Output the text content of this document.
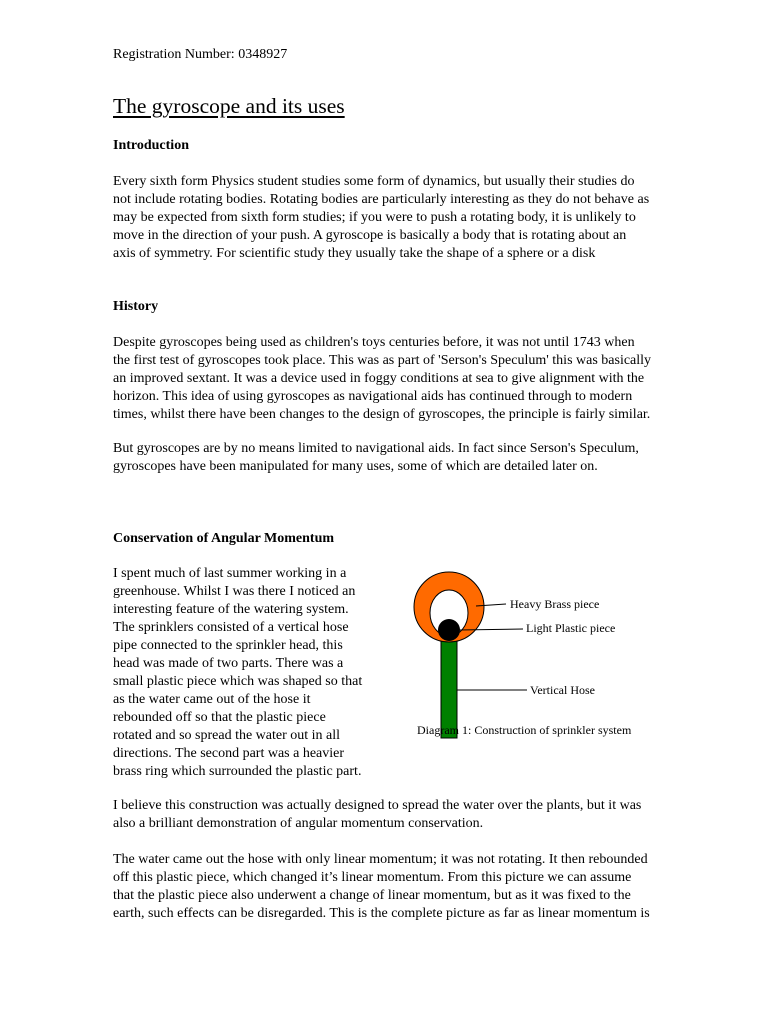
Registration Number: 0348927
The gyroscope and its uses
Introduction
Every sixth form Physics student studies some form of dynamics, but usually their studies do
not include rotating bodies. Rotating bodies are particularly interesting as they do not behave as
may be expected from sixth form studies; if you were to push a rotating body, it is unlikely to
move in the direction of your push. A gyroscope is basically a body that is rotating about an
axis of symmetry. For scientific study they usually take the shape of a sphere or a disk
History
Despite gyroscopes being used as children's toys centuries before, it was not until 1743 when
the first test of gyroscopes took place. This was as part of 'Serson's Speculum' this was basically
an improved sextant. It was a device used in foggy conditions at sea to give alignment with the
horizon. This idea of using gyroscopes as navigational aids has continued through to modern
times, whilst there have been changes to the design of gyroscopes, the principle is fairly similar.
But gyroscopes are by no means limited to navigational aids. In fact since Serson's Speculum,
gyroscopes have been manipulated for many uses, some of which are detailed later on.
Conservation of Angular Momentum
I spent much of last summer working in a
greenhouse. Whilst I was there I noticed an
interesting feature of the watering system.
The sprinklers consisted of a vertical hose
pipe connected to the sprinkler head, this
head was made of two parts. There was a
small plastic piece which was shaped so that
as the water came out of the hose it
rebounded off so that the plastic piece
rotated and so spread the water out in all
directions. The second part was a heavier
brass ring which surrounded the plastic part.
I believe this construction was actually designed to spread the water over the plants, but it was
also a brilliant demonstration of angular momentum conservation.
The water came out the hose with only linear momentum; it was not rotating. It then rebounded
off this plastic piece, which changed it’s linear momentum. From this picture we can assume
that the plastic piece also underwent a change of linear momentum, but as it was fixed to the
earth, such effects can be disregarded. This is the complete picture as far as linear momentum is
Heavy Brass piece
Light Plastic piece
Vertical Hose
Diagram 1: Construction of sprinkler system
